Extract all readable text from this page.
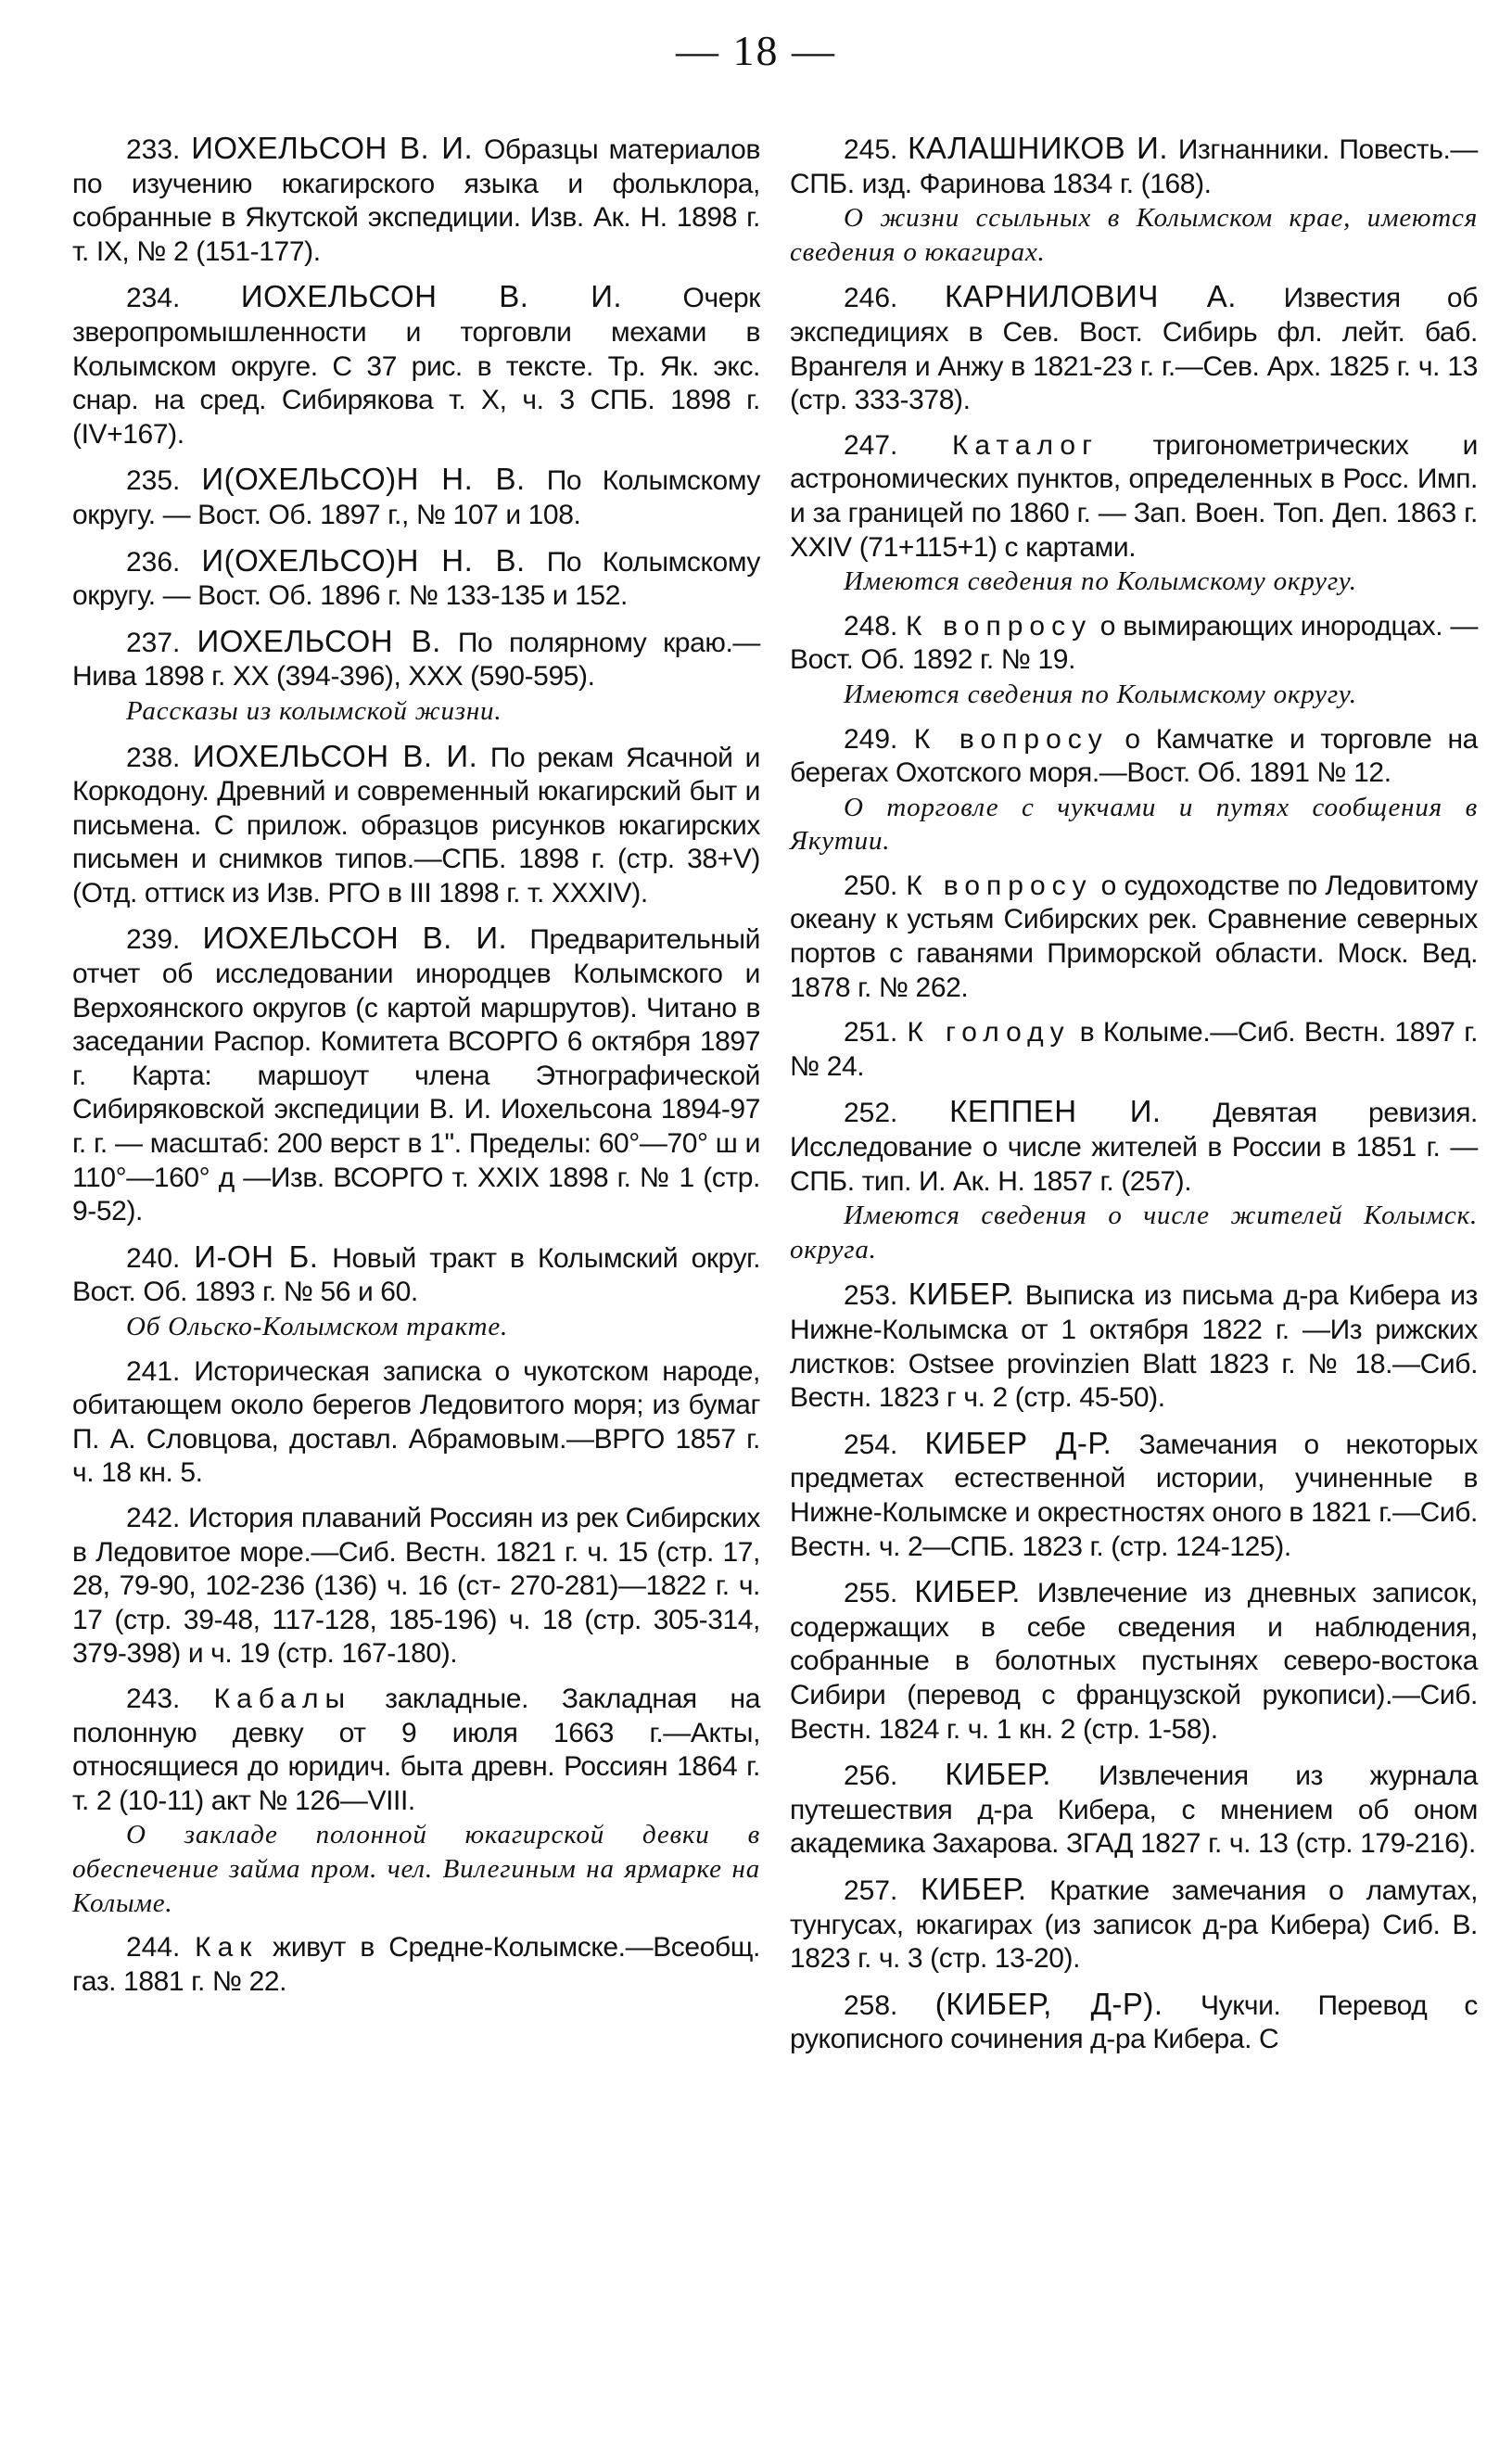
— 18 —
233. ИОХЕЛЬСОН В. И. Образцы материалов по изучению юкагирского языка и фольклора, собранные в Якутской экспедиции. Изв. Ак. Н. 1898 г. т. IX, № 2 (151-177).
234. ИОХЕЛЬСОН В. И. Очерк зверопромышленности и торговли мехами в Колымском округе. С 37 рис. в тексте. Тр. Як. экс. снар. на сред. Сибирякова т. X, ч. 3 СПБ. 1898 г. (IV+167).
235. И(ОХЕЛЬСО)Н Н. В. По Колымскому округу. — Вост. Об. 1897 г., № 107 и 108.
236. И(ОХЕЛЬСО)Н Н. В. По Колымскому округу. — Вост. Об. 1896 г. № 133-135 и 152.
237. ИОХЕЛЬСОН В. По полярному краю.—Нива 1898 г. XX (394-396), XXX (590-595).
Рассказы из колымской жизни.
238. ИОХЕЛЬСОН В. И. По рекам Ясачной и Коркодону. Древний и современный юкагирский быт и письмена. С прилож. образцов рисунков юкагирских письмен и снимков типов.—СПБ. 1898 г. (стр. 38+V) (Отд. оттиск из Изв. РГО в III 1898 г. т. XXXIV).
239. ИОХЕЛЬСОН В. И. Предварительный отчет об исследовании инородцев Колымского и Верхоянского округов (с картой маршрутов). Читано в заседании Распор. Комитета ВСОРГО 6 октября 1897 г. Карта: маршоут члена Этнографической Сибиряковской экспедиции В. И. Иохельсона 1894-97 г. г. — масштаб: 200 верст в 1". Пределы: 60°—70° ш и 110°—160° д —Изв. ВСОРГО т. XXIX 1898 г. № 1 (стр. 9-52).
240. И-ОН Б. Новый тракт в Колымский округ. Вост. Об. 1893 г. № 56 и 60.
Об Ольско-Колымском тракте.
241. Историческая записка о чукотском народе, обитающем около берегов Ледовитого моря; из бумаг П. А. Словцова, доставл. Абрамовым.—ВРГО 1857 г. ч. 18 кн. 5.
242. История плаваний Россиян из рек Сибирских в Ледовитое море.—Сиб. Вестн. 1821 г. ч. 15 (стр. 17, 28, 79-90, 102-236 (136) ч. 16 (ст- 270-281)—1822 г. ч. 17 (стр. 39-48, 117-128, 185-196) ч. 18 (стр. 305-314, 379-398) и ч. 19 (стр. 167-180).
243. Кабалы закладные. Закладная на полонную девку от 9 июля 1663 г.—Акты, относящиеся до юридич. быта древн. Россиян 1864 г. т. 2 (10-11) акт № 126—VIII.
О закладе полонной юкагирской девки в обеспечение займа пром. чел. Вилегиным на ярмарке на Колыме.
244. Как живут в Средне-Колымске.—Всеобщ. газ. 1881 г. № 22.
245. КАЛАШНИКОВ И. Изгнанники. Повесть.—СПБ. изд. Фаринова 1834 г. (168).
О жизни ссыльных в Колымском крае, имеются сведения о юкагирах.
246. КАРНИЛОВИЧ А. Известия об экспедициях в Сев. Вост. Сибирь фл. лейт. баб. Врангеля и Анжу в 1821-23 г. г.—Сев. Арх. 1825 г. ч. 13 (стр. 333-378).
247. Каталог тригонометрических и астрономических пунктов, определенных в Росс. Имп. и за границей по 1860 г. — Зап. Воен. Топ. Деп. 1863 г. XXIV (71+115+1) с картами.
Имеются сведения по Колымскому округу.
248. К вопросу о вымирающих инородцах. — Вост. Об. 1892 г. № 19.
Имеются сведения по Колымскому округу.
249. К вопросу о Камчатке и торговле на берегах Охотского моря.—Вост. Об. 1891 № 12.
О торговле с чукчами и путях сообщения в Якутии.
250. К вопросу о судоходстве по Ледовитому океану к устьям Сибирских рек. Сравнение северных портов с гаванями Приморской области. Моск. Вед. 1878 г. № 262.
251. К голоду в Колыме.—Сиб. Вестн. 1897 г. № 24.
252. КЕППЕН И. Девятая ревизия. Исследование о числе жителей в России в 1851 г. — СПБ. тип. И. Ак. Н. 1857 г. (257).
Имеются сведения о числе жителей Колымск. округа.
253. КИБЕР. Выписка из письма д-ра Кибера из Нижне-Колымска от 1 октября 1822 г. —Из рижских листков: Ostsee provinzien Blatt 1823 г. № 18.—Сиб. Вестн. 1823 г ч. 2 (стр. 45-50).
254. КИБЕР Д-Р. Замечания о некоторых предметах естественной истории, учиненные в Нижне-Колымске и окрестностях оного в 1821 г.—Сиб. Вестн. ч. 2—СПБ. 1823 г. (стр. 124-125).
255. КИБЕР. Извлечение из дневных записок, содержащих в себе сведения и наблюдения, собранные в болотных пустынях северо-востока Сибири (перевод с французской рукописи).—Сиб. Вестн. 1824 г. ч. 1 кн. 2 (стр. 1-58).
256. КИБЕР. Извлечения из журнала путешествия д-ра Кибера, с мнением об оном академика Захарова. ЗГАД 1827 г. ч. 13 (стр. 179-216).
257. КИБЕР. Краткие замечания о ламутах, тунгусах, юкагирах (из записок д-ра Кибера) Сиб. В. 1823 г. ч. 3 (стр. 13-20).
258. (КИБЕР, Д-Р). Чукчи. Перевод с рукописного сочинения д-ра Кибера. С
